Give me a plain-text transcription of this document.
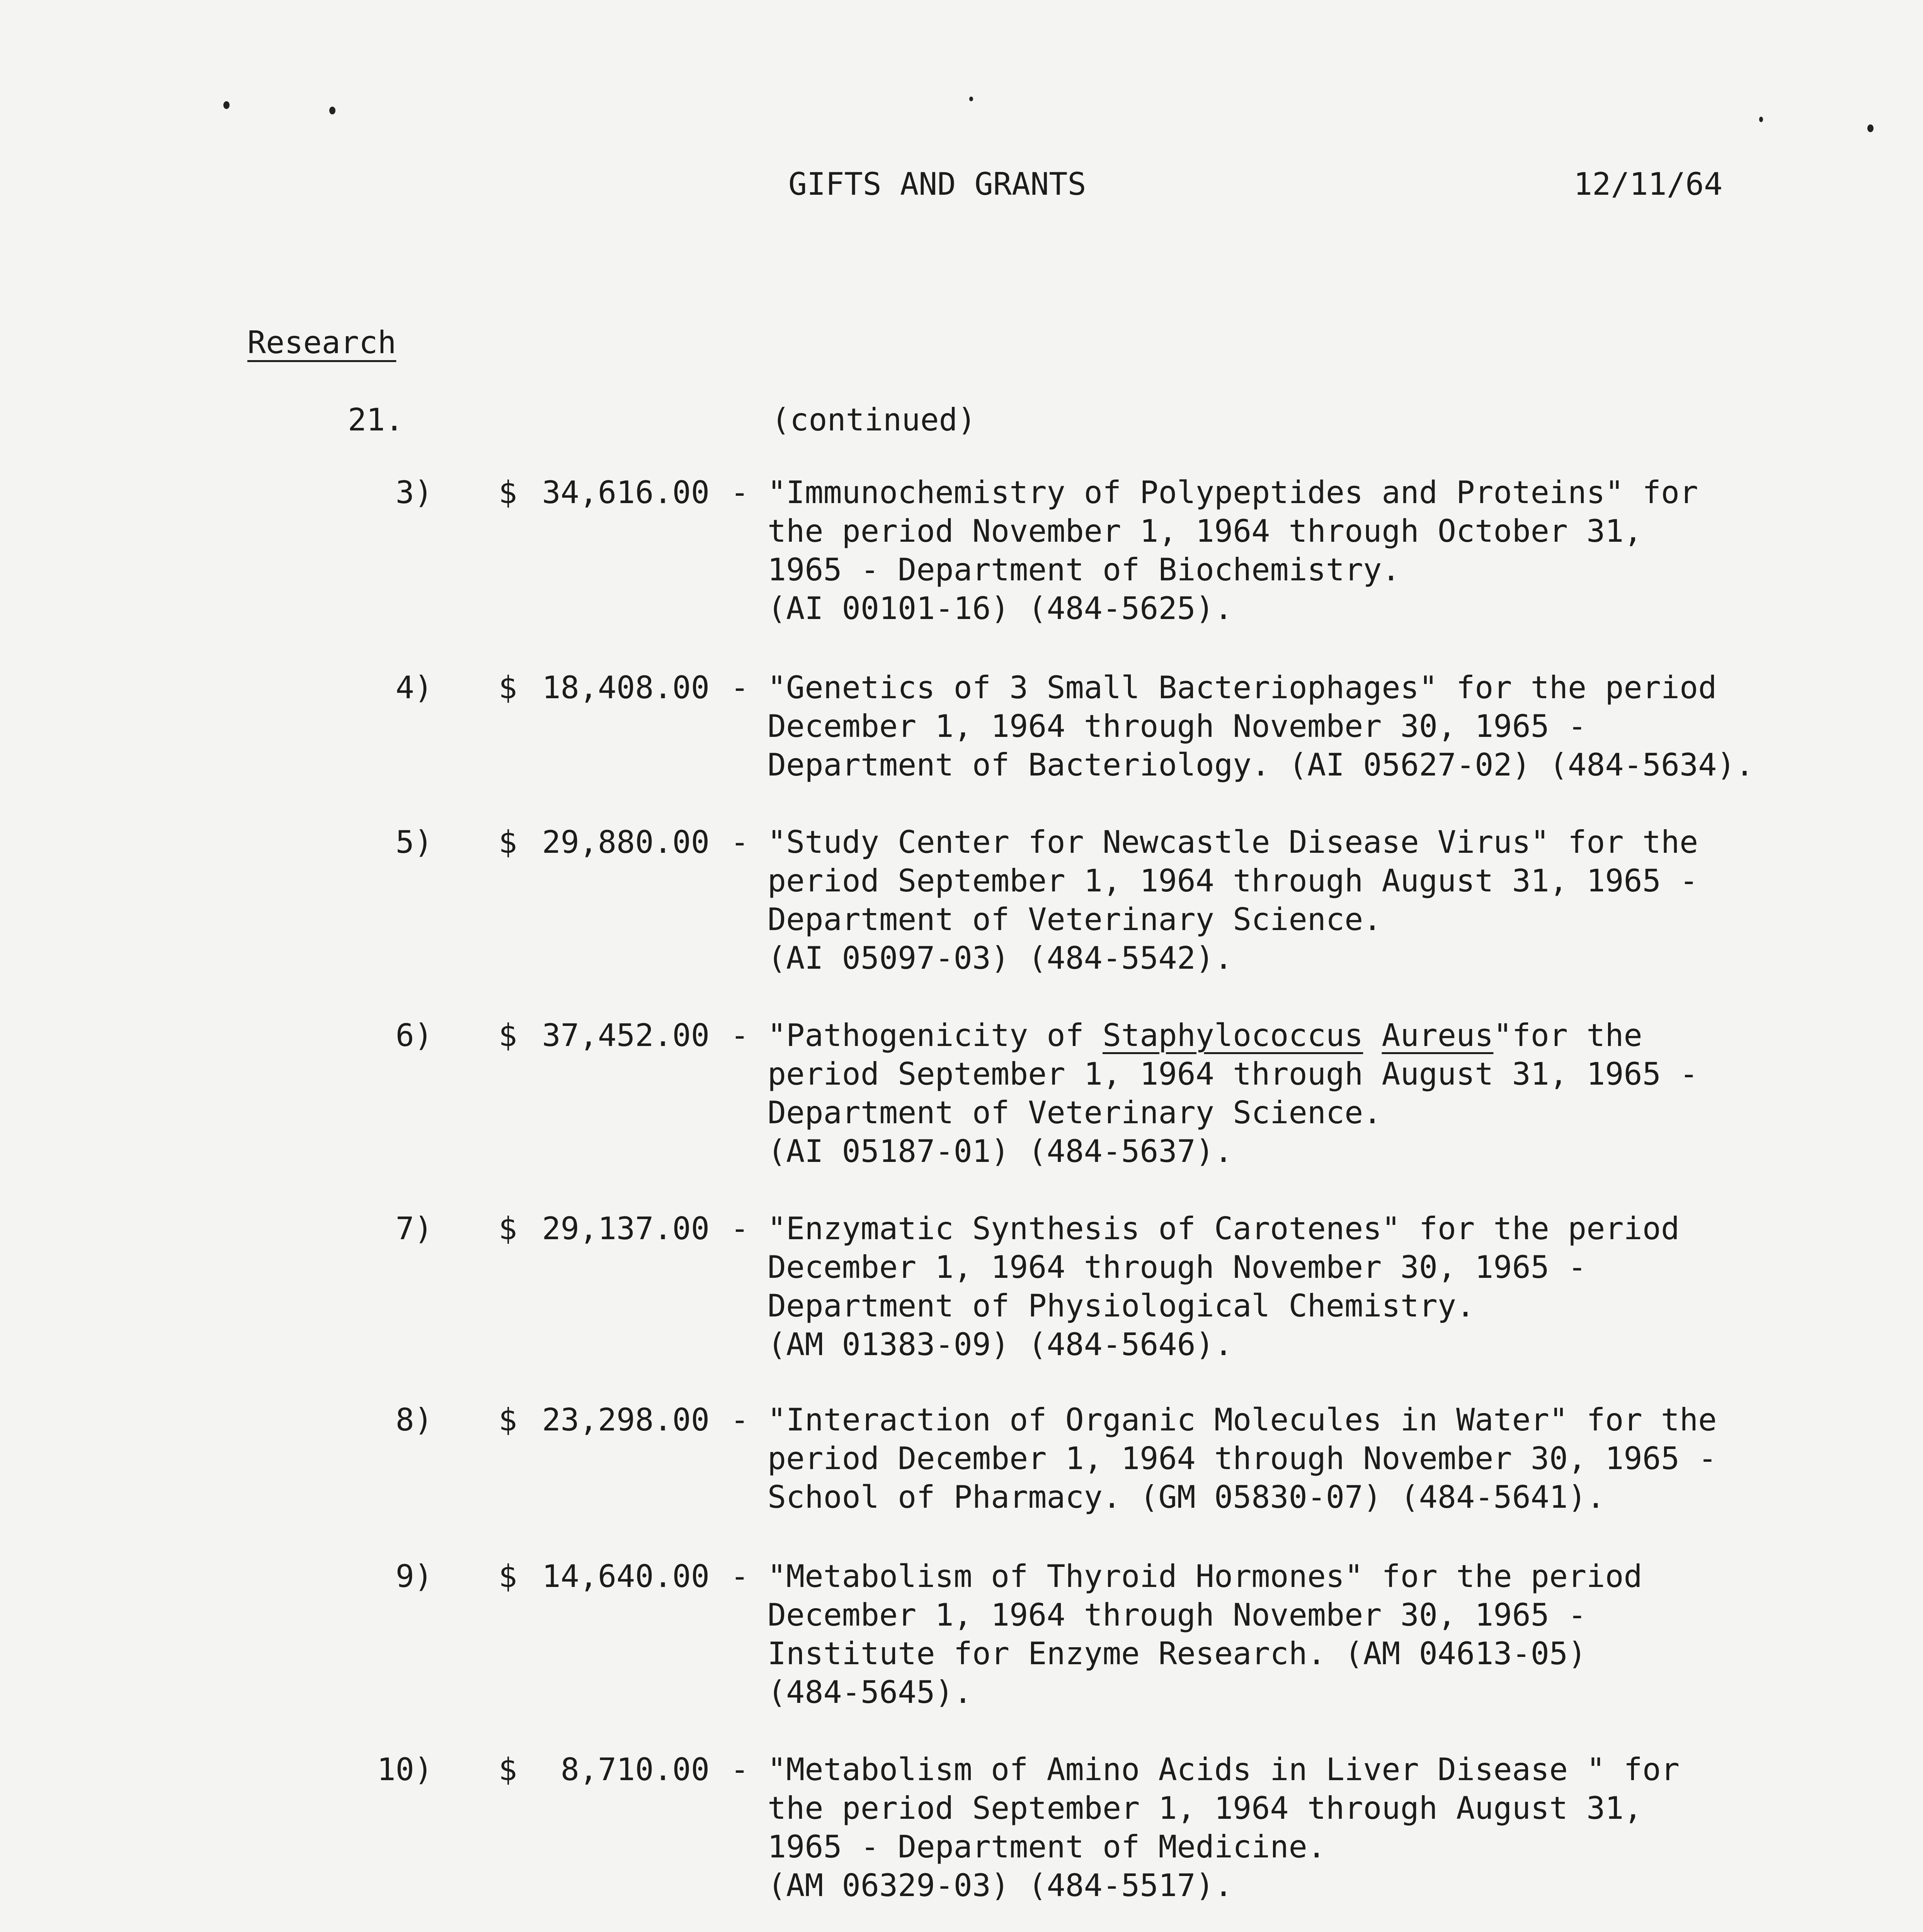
GIFTS AND GRANTS	12/11/64
Research
21.	(continued)
3) $ 34,616.00 - "Immunochemistry of Polypeptides and Proteins" for
the period November 1, 1964 through October 31,
1965 - Department of Biochemistry.
(AI 00101-16) (484-5625).
4) $ 18,408.00 - "Genetics of 3 Small Bacteriophages" for the period
December 1, 1964 through November 30, 1965 -
Department of Bacteriology. (AI 05627-02) (484-5634).
5) $ 29,880.00 - "Study Center for Newcastle Disease Virus" for the
period September 1, 1964 through August 31, 1965 -
Department of Veterinary Science.
(AI 05097-03) (484-5542).
6) $ 37,452.00 - "Pathogenicity of Staphylococcus Aureus"for the
period September 1, 1964 through August 31, 1965 -
Department of Veterinary Science.
(AI 05187-01) (484-5637).
7) $ 29,137.00 - "Enzymatic Synthesis of Carotenes" for the period
December 1, 1964 through November 30, 1965 -
Department of Physiological Chemistry.
(AM 01383-09) (484-5646).
8) $ 23,298.00 - "Interaction of Organic Molecules in Water" for the
period December 1, 1964 through November 30, 1965 -
School of Pharmacy. (GM 05830-07) (484-5641).
9) $ 14,640.00 - "Metabolism of Thyroid Hormones" for the period
December 1, 1964 through November 30, 1965 -
Institute for Enzyme Research. (AM 04613-05)
(484-5645).
10) $ 8,710.00 - "Metabolism of Amino Acids in Liver Disease " for
the period September 1, 1964 through August 31,
1965 - Department of Medicine.
(AM 06329-03) (484-5517).
